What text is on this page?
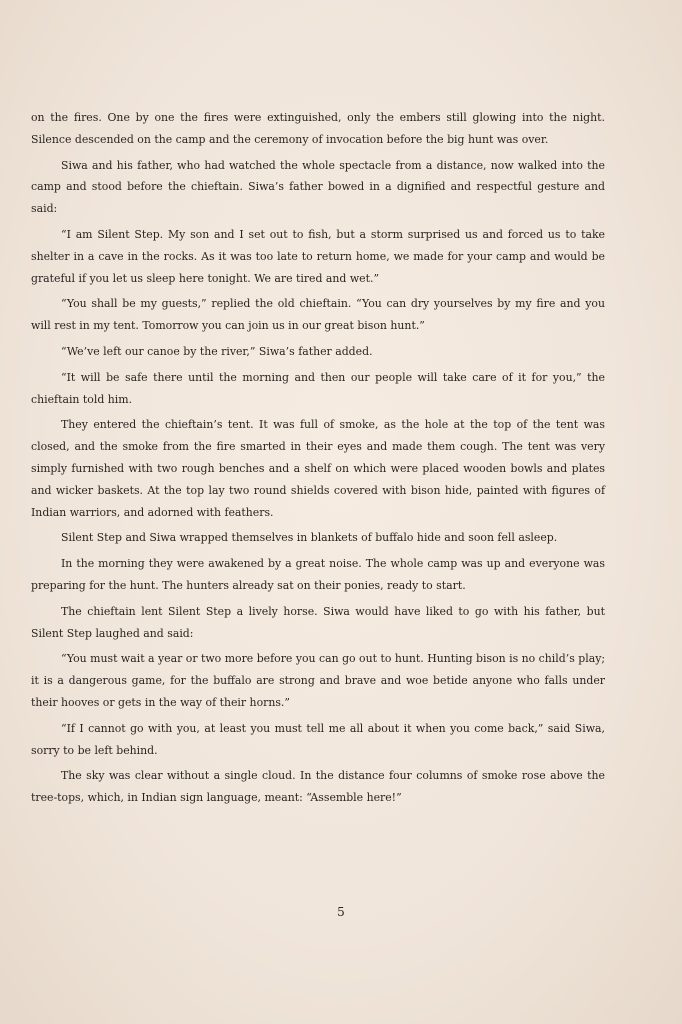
on the fires. One by one the fires were extinguished, only the embers still glowing into the night. Silence descended on the camp and the ceremony of invocation before the big hunt was over.

Siwa and his father, who had watched the whole spectacle from a distance, now walked into the camp and stood before the chieftain. Siwa’s father bowed in a dignified and respectful gesture and said:

“I am Silent Step. My son and I set out to fish, but a storm surprised us and forced us to take shelter in a cave in the rocks. As it was too late to return home, we made for your camp and would be grateful if you let us sleep here tonight. We are tired and wet.”

“You shall be my guests,” replied the old chieftain. “You can dry yourselves by my fire and you will rest in my tent. Tomorrow you can join us in our great bison hunt.”

“We’ve left our canoe by the river,” Siwa’s father added.

“It will be safe there until the morning and then our people will take care of it for you,” the chieftain told him.

They entered the chieftain’s tent. It was full of smoke, as the hole at the top of the tent was closed, and the smoke from the fire smarted in their eyes and made them cough. The tent was very simply furnished with two rough benches and a shelf on which were placed wooden bowls and plates and wicker baskets. At the top lay two round shields covered with bison hide, painted with figures of Indian warriors, and adorned with feathers.

Silent Step and Siwa wrapped themselves in blankets of buffalo hide and soon fell asleep.

In the morning they were awakened by a great noise. The whole camp was up and everyone was preparing for the hunt. The hunters already sat on their ponies, ready to start.

The chieftain lent Silent Step a lively horse. Siwa would have liked to go with his father, but Silent Step laughed and said:

“You must wait a year or two more before you can go out to hunt. Hunting bison is no child’s play; it is a dangerous game, for the buffalo are strong and brave and woe betide anyone who falls under their hooves or gets in the way of their horns.”

“If I cannot go with you, at least you must tell me all about it when you come back,” said Siwa, sorry to be left behind.

The sky was clear without a single cloud. In the distance four columns of smoke rose above the tree-tops, which, in Indian sign language, meant: “Assemble here!”

5
